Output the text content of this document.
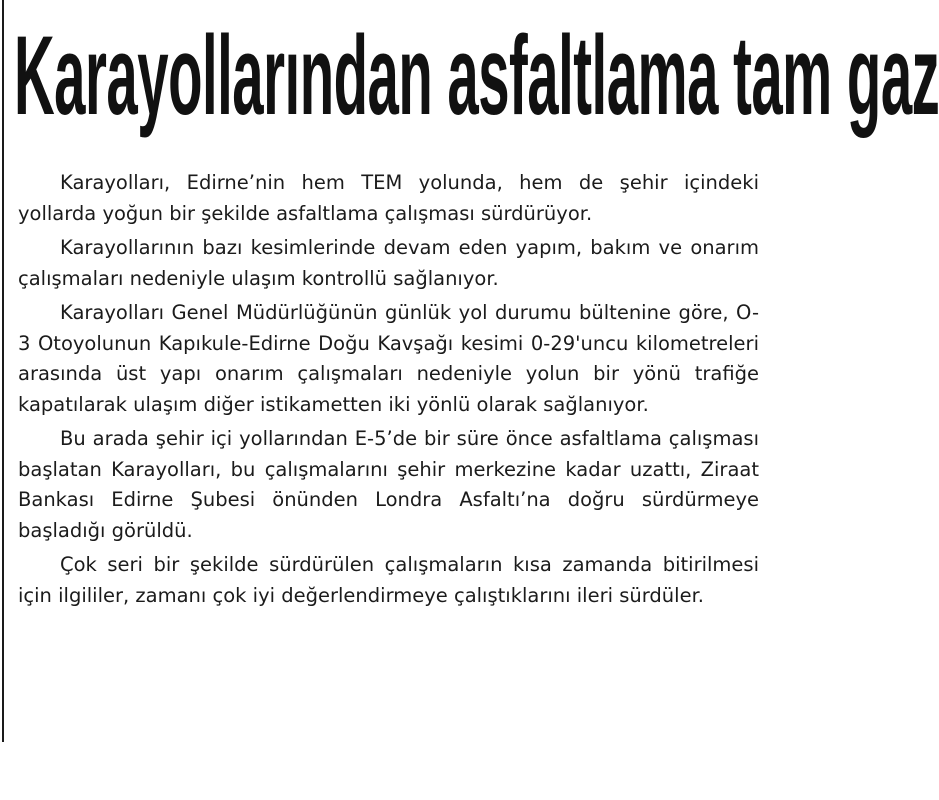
Karayollarından asfaltlama tam gaz

Karayolları, Edirne’nin hem TEM yolunda, hem de şehir içindeki yollarda yoğun bir şekilde asfaltlama çalışması sürdürüyor.

Karayollarının bazı kesimlerinde devam eden yapım, bakım ve onarım çalışmaları nedeniyle ulaşım kontrollü sağlanıyor.

Karayolları Genel Müdürlüğünün günlük yol durumu bültenine göre, O-3 Otoyolunun Kapıkule-Edirne Doğu Kavşağı kesimi 0-29'uncu kilometreleri arasında üst yapı onarım çalışmaları nedeniyle yolun bir yönü trafiğe kapatılarak ulaşım diğer istikametten iki yönlü olarak sağlanıyor.

Bu arada şehir içi yollarından E-5’de bir süre önce asfaltlama çalışması başlatan Karayolları, bu çalışmalarını şehir merkezine kadar uzattı, Ziraat Bankası Edirne Şubesi önünden Londra Asfaltı’na doğru sürdürmeye başladığı görüldü.

Çok seri bir şekilde sürdürülen çalışmaların kısa zamanda bitirilmesi için ilgililer, zamanı çok iyi değerlendirmeye çalıştıklarını ileri sürdüler.
